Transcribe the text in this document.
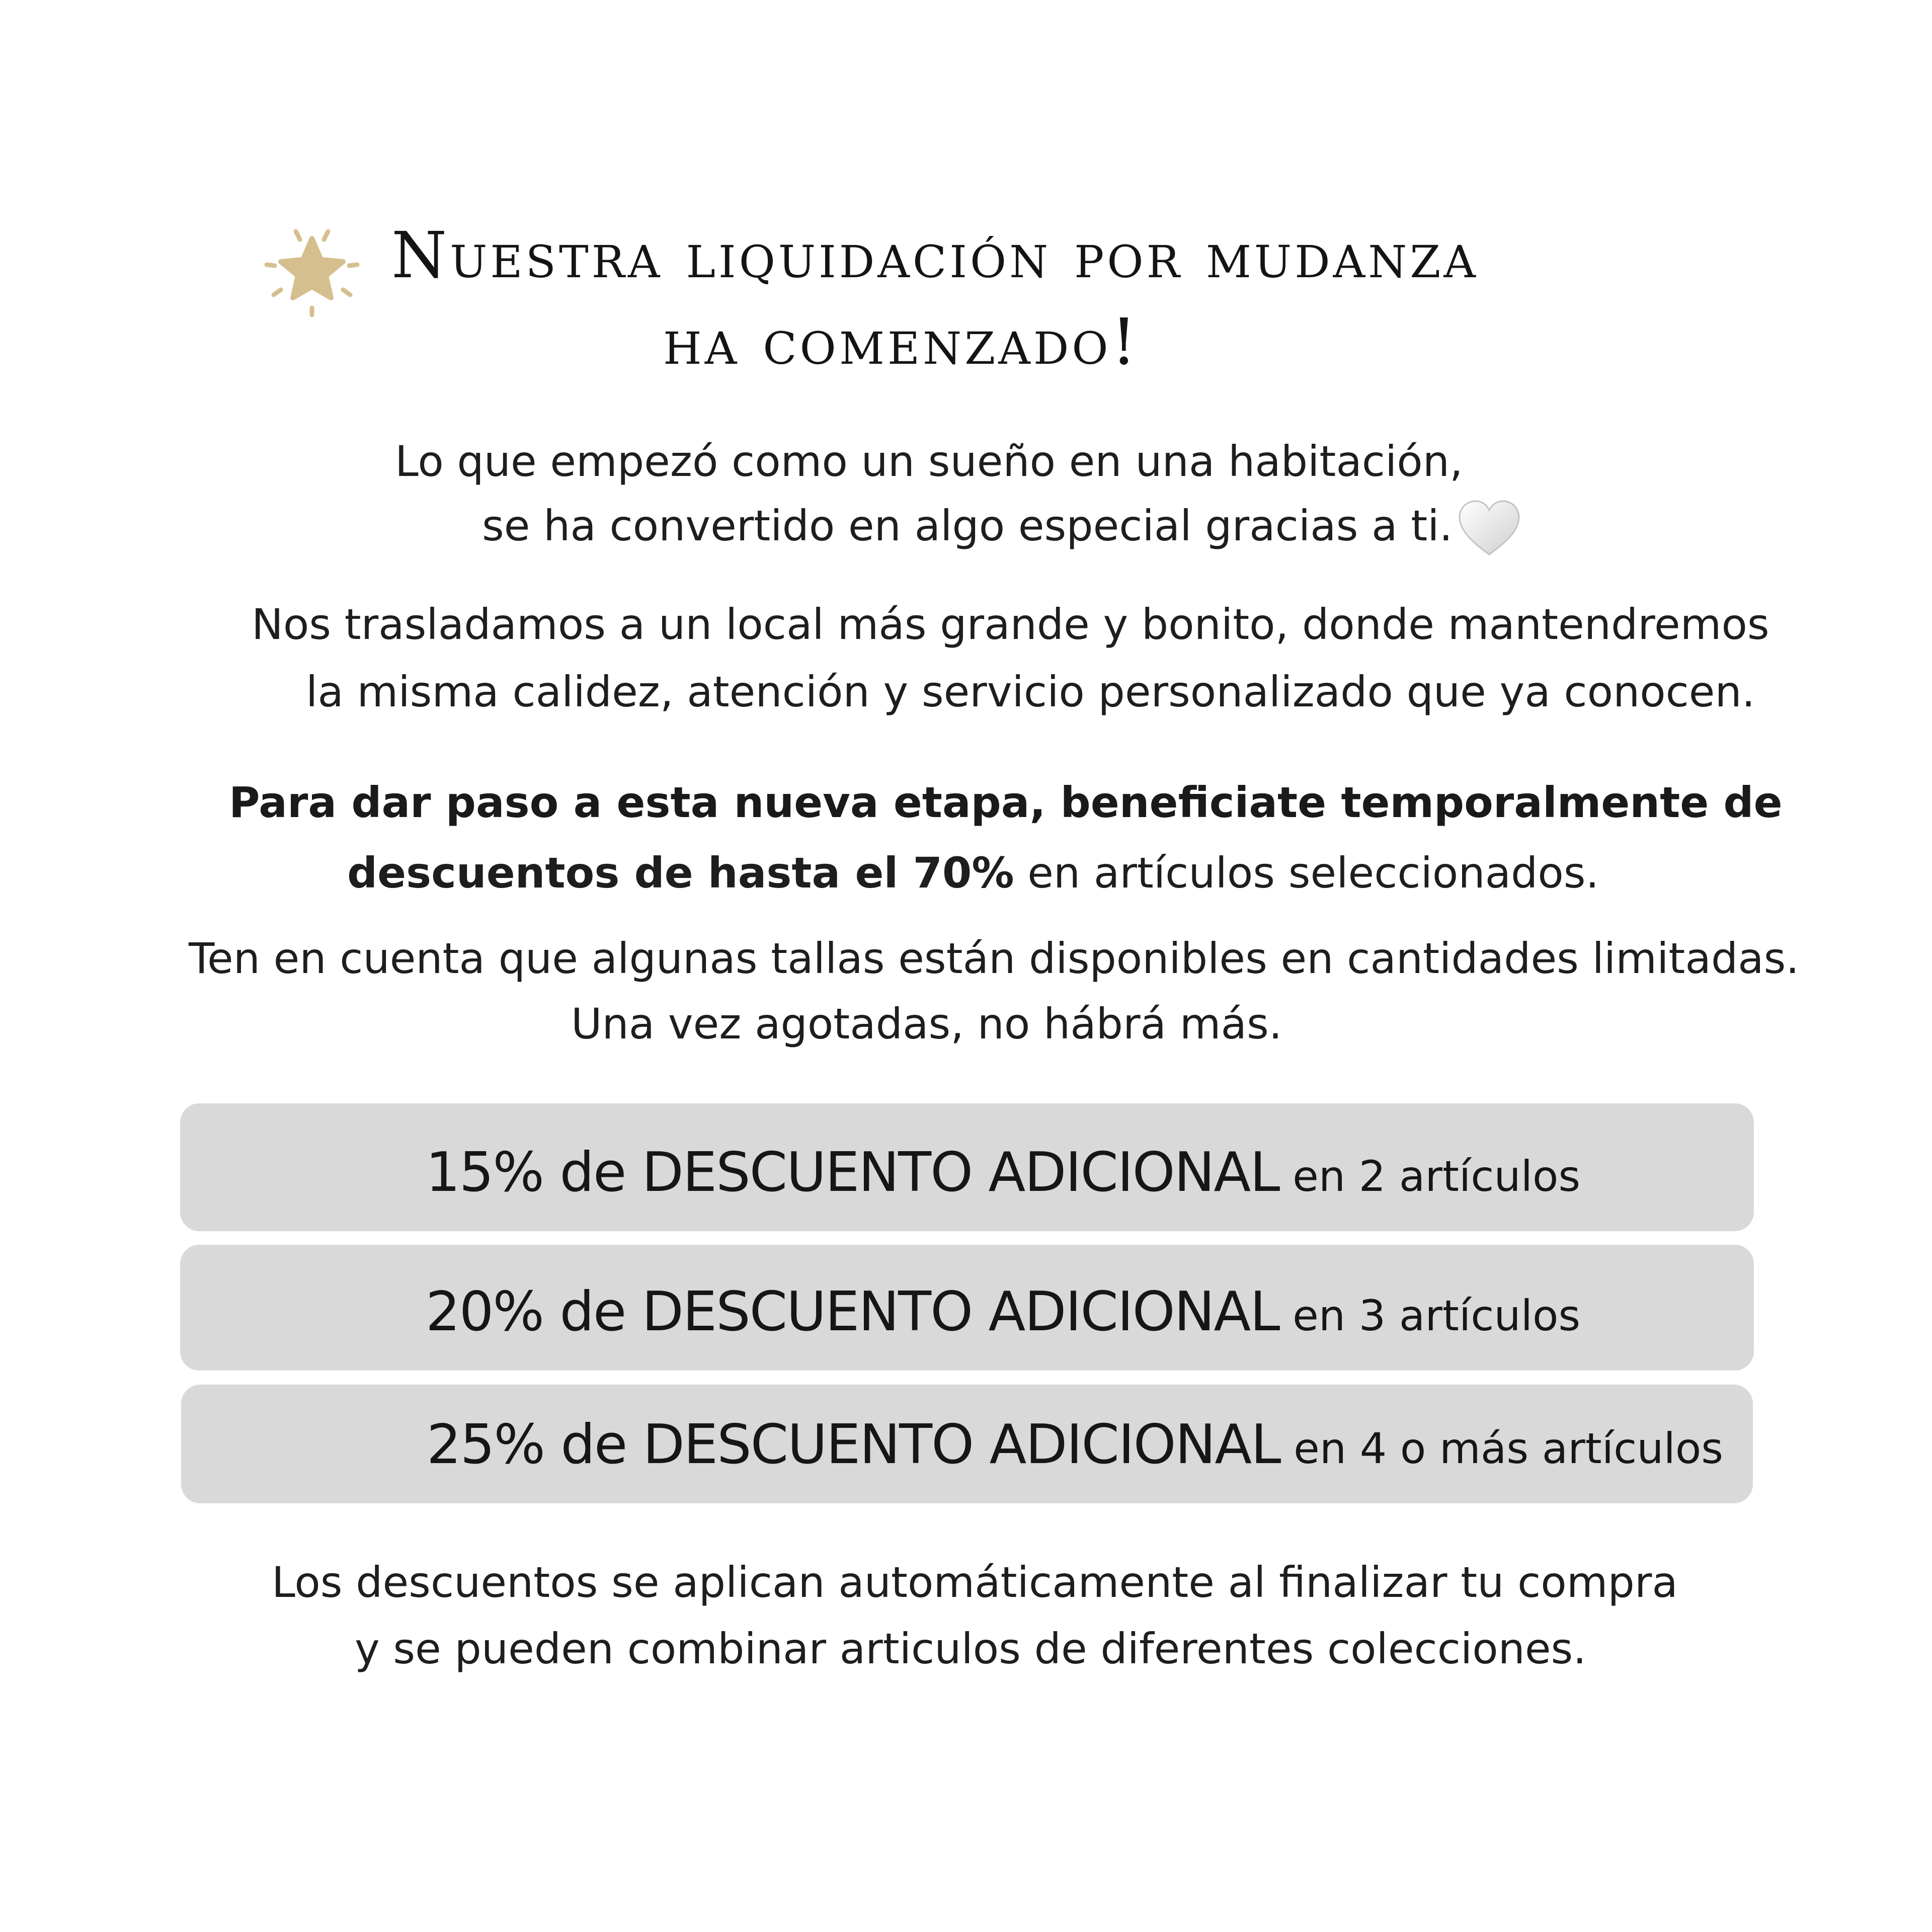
Nuestra liquidación por mudanza
ha comenzado!
Lo que empezó como un sueño en una habitación,
se ha convertido en algo especial gracias a ti.
Nos trasladamos a un local más grande y bonito, donde mantendremos
la misma calidez, atención y servicio personalizado que ya conocen.
Para dar paso a esta nueva etapa, beneficiate temporalmente de
descuentos de hasta el 70% en artículos seleccionados.
Ten en cuenta que algunas tallas están disponibles en cantidades limitadas.
Una vez agotadas, no hábrá más.
15% de DESCUENTO ADICIONAL en 2 artículos
20% de DESCUENTO ADICIONAL en 3 artículos
25% de DESCUENTO ADICIONAL en 4 o más artículos
Los descuentos se aplican automáticamente al finalizar tu compra
y se pueden combinar articulos de diferentes colecciones.
